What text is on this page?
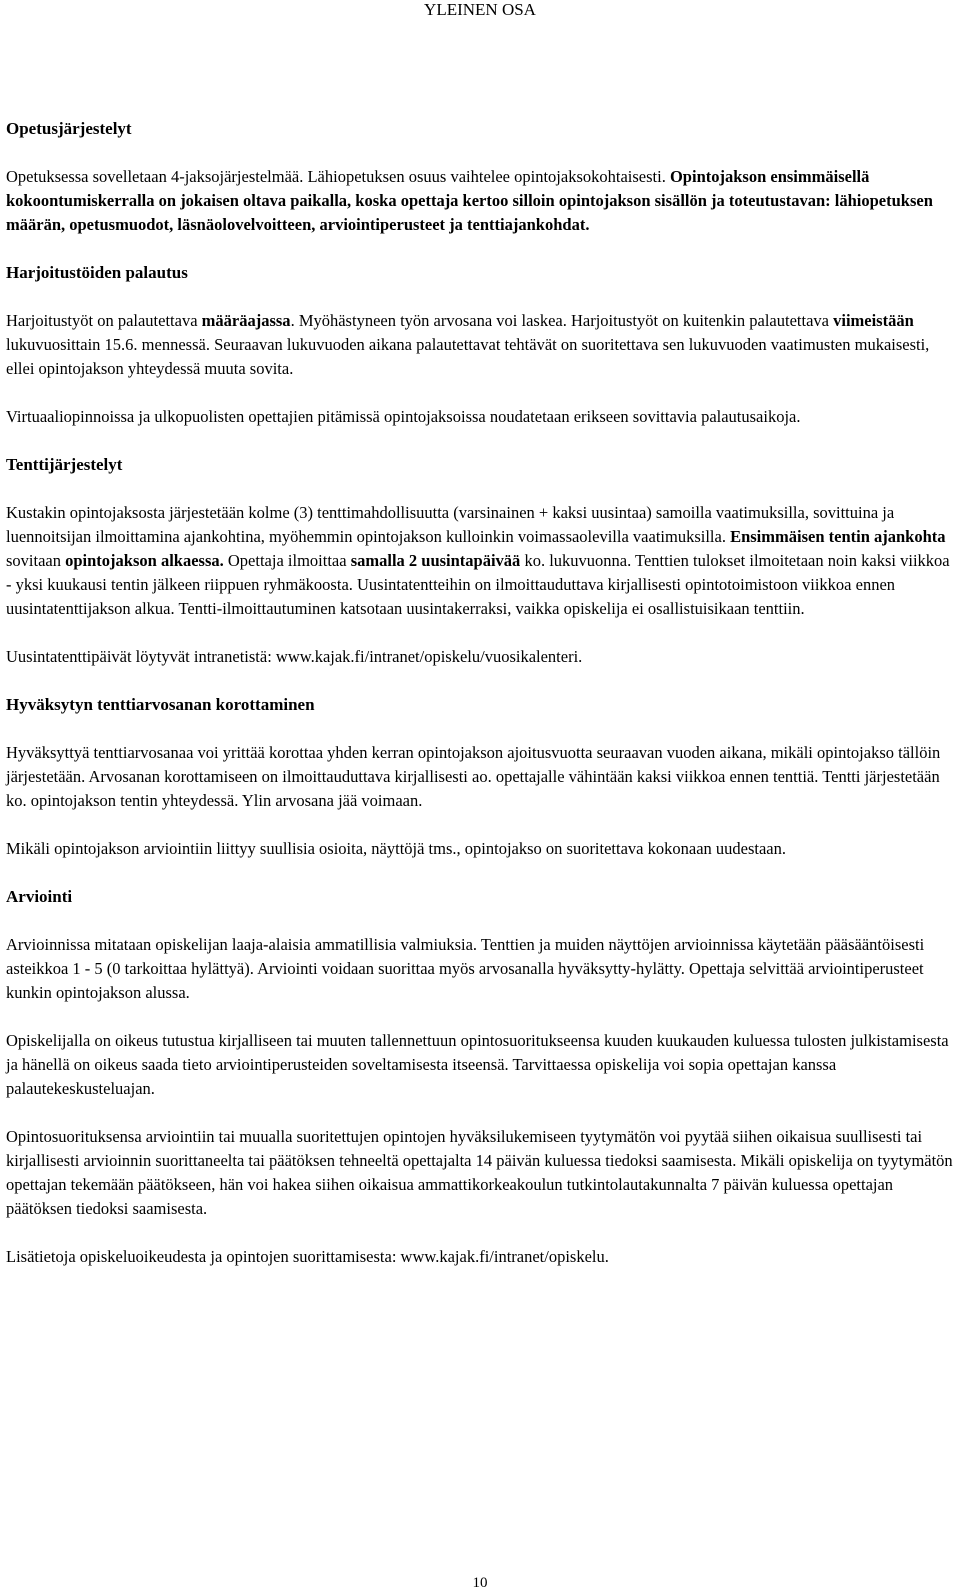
YLEINEN OSA
Opetusjärjestelyt

Opetuksessa sovelletaan 4-jaksojärjestelmää. Lähiopetuksen osuus vaihtelee opintojaksokohtaisesti. Opintojakson ensimmäisellä kokoontumiskerralla on jokaisen oltava paikalla, koska opettaja kertoo silloin opintojakson sisällön ja toteutustavan: lähiopetuksen määrän, opetusmuodot, läsnäolovelvoitteen, arviointiperusteet ja tenttiajankohdat.

Harjoitustöiden palautus

Harjoitustyöt on palautettava määräajassa. Myöhästyneen työn arvosana voi laskea. Harjoitustyöt on kuitenkin palautettava viimeistään lukuvuosittain 15.6. mennessä. Seuraavan lukuvuoden aikana palautettavat tehtävät on suoritettava sen lukuvuoden vaatimusten mukaisesti, ellei opintojakson yhteydessä muuta sovita.

Virtuaaliopinnoissa ja ulkopuolisten opettajien pitämissä opintojaksoissa noudatetaan erikseen sovittavia palautusaikoja.

Tenttijärjestelyt

Kustakin opintojaksosta järjestetään kolme (3) tenttimahdollisuutta (varsinainen + kaksi uusintaa) samoilla vaatimuksilla, sovittuina ja luennoitsijan ilmoittamina ajankohtina, myöhemmin opintojakson kulloinkin voimassaolevilla vaatimuksilla. Ensimmäisen tentin ajankohta sovitaan opintojakson alkaessa. Opettaja ilmoittaa samalla 2 uusintapäivää ko. lukuvuonna. Tenttien tulokset ilmoitetaan noin kaksi viikkoa - yksi kuukausi tentin jälkeen riippuen ryhmäkoosta. Uusintatentteihin on ilmoittauduttava kirjallisesti opintotoimistoon viikkoa ennen uusintatenttijakson alkua. Tentti-ilmoittautuminen katsotaan uusintakerraksi, vaikka opiskelija ei osallistuisikaan tenttiin.

Uusintatenttipäivät löytyvät intranetistä: www.kajak.fi/intranet/opiskelu/vuosikalenteri.

Hyväksytyn tenttiarvosanan korottaminen

Hyväksyttyä tenttiarvosanaa voi yrittää korottaa yhden kerran opintojakson ajoitusvuotta seuraavan vuoden aikana, mikäli opintojakso tällöin järjestetään. Arvosanan korottamiseen on ilmoittauduttava kirjallisesti ao. opettajalle vähintään kaksi viikkoa ennen tenttiä. Tentti järjestetään ko. opintojakson tentin yhteydessä. Ylin arvosana jää voimaan.

Mikäli opintojakson arviointiin liittyy suullisia osioita, näyttöjä tms., opintojakso on suoritettava kokonaan uudestaan.

Arviointi

Arvioinnissa mitataan opiskelijan laaja-alaisia ammatillisia valmiuksia. Tenttien ja muiden näyttöjen arvioinnissa käytetään pääsääntöisesti asteikkoa 1 - 5 (0 tarkoittaa hylättyä). Arviointi voidaan suorittaa myös arvosanalla hyväksytty-hylätty. Opettaja selvittää arviointiperusteet kunkin opintojakson alussa.

Opiskelijalla on oikeus tutustua kirjalliseen tai muuten tallennettuun opintosuoritukseensa kuuden kuukauden kuluessa tulosten julkistamisesta ja hänellä on oikeus saada tieto arviointiperusteiden soveltamisesta itseensä. Tarvittaessa opiskelija voi sopia opettajan kanssa palautekeskusteluajan.

Opintosuorituksensa arviointiin tai muualla suoritettujen opintojen hyväksilukemiseen tyytymätön voi pyytää siihen oikaisua suullisesti tai kirjallisesti arvioinnin suorittaneelta tai päätöksen tehneeltä opettajalta 14 päivän kuluessa tiedoksi saamisesta. Mikäli opiskelija on tyytymätön opettajan tekemään päätökseen, hän voi hakea siihen oikaisua ammattikorkeakoulun tutkintolautakunnalta 7 päivän kuluessa opettajan päätöksen tiedoksi saamisesta.

Lisätietoja opiskeluoikeudesta ja opintojen suorittamisesta: www.kajak.fi/intranet/opiskelu.

10
